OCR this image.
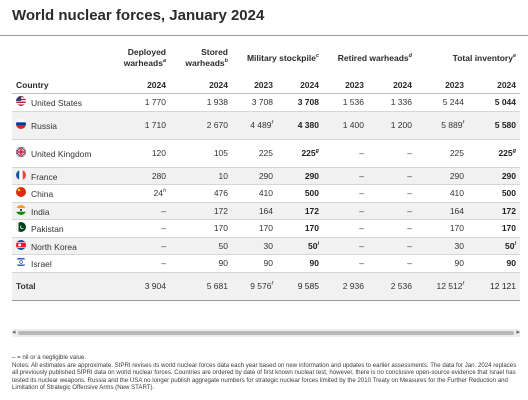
World nuclear forces, January 2024
	Deployed warheads$^a$	Stored warheads$^b$	Military stockpile$^c$		Retired warheads$^d$		Total inventory$^e$
Country	2024	2024	2023	2024	2023	2024	2023	2024
United States	1 770	1 938	3 708	3 708	1 536	1 336	5 244	5 044
Russia	1 710	2 670	4 489$^f$	4 380	1 400	1 200	5 889$^f$	5 580
United Kingdom	120	105	225	225$^g$	–	–	225	225$^g$
France	280	10	290	290	–	–	290	290
China	24$^h$	476	410	500	–	–	410	500
India	–	172	164	172	–	–	164	172
Pakistan	–	170	170	170	–	–	170	170
North Korea	–	50	30	50$^i$	–	–	30	50$^i$
Israel	–	90	90	90	–	–	90	90
Total	3 904	5 681	9 576$^f$	9 585	2 936	2 536	12 512$^f$	12 121
◂	▸
– = nil or a negligible value.
Notes: All estimates are approximate. SIPRI revises its world nuclear forces data each year based on new information and updates to earlier assessments. The data for Jan. 2024 replaces all previously published SIPRI data on world nuclear forces. Countries are ordered by date of first known nuclear test; however, there is no conclusive open-source evidence that Israel has tested its nuclear weapons. Russia and the USA no longer publish aggregate numbers for strategic nuclear forces limited by the 2010 Treaty on Measures for the Further Reduction and Limitation of Strategic Offensive Arms (New START).
